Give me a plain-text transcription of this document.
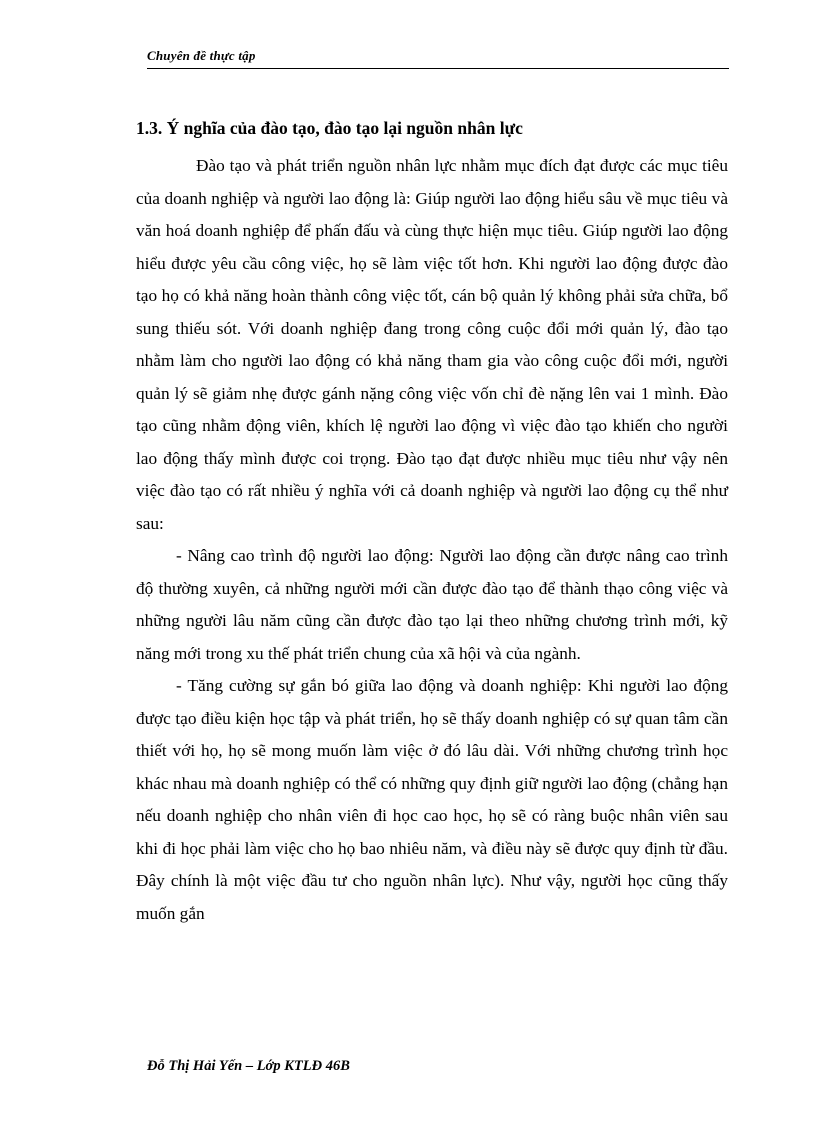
Chuyên đề thực tập
1.3. Ý nghĩa của đào tạo, đào tạo lại nguồn nhân lực

Đào tạo và phát triển nguồn nhân lực nhằm mục đích đạt được các mục tiêu của doanh nghiệp và người lao động là: Giúp người lao động hiểu sâu về mục tiêu và văn hoá doanh nghiệp để phấn đấu và cùng thực hiện mục tiêu. Giúp người lao động hiểu được yêu cầu công việc, họ sẽ làm việc tốt hơn. Khi người lao động được đào tạo họ có khả năng hoàn thành công việc tốt, cán bộ quản lý không phải sửa chữa, bổ sung thiếu sót. Với doanh nghiệp đang trong công cuộc đổi mới quản lý, đào tạo nhằm làm cho người lao động có khả năng tham gia vào công cuộc đổi mới, người quản lý sẽ giảm nhẹ được gánh nặng công việc vốn chỉ đè nặng lên vai 1 mình. Đào tạo cũng nhằm động viên, khích lệ người lao động vì việc đào tạo khiến cho người lao động thấy mình được coi trọng. Đào tạo đạt được nhiều mục tiêu như vậy nên việc đào tạo có rất nhiều ý nghĩa với cả doanh nghiệp và người lao động cụ thể như sau:

- Nâng cao trình độ người lao động: Người lao động cần được nâng cao trình độ thường xuyên, cả những người mới cần được đào tạo để thành thạo công việc và những người lâu năm cũng cần được đào tạo lại theo những chương trình mới, kỹ năng mới trong xu thế phát triển chung của xã hội và của ngành.

- Tăng cường sự gắn bó giữa lao động và doanh nghiệp: Khi người lao động được tạo điều kiện học tập và phát triển, họ sẽ thấy doanh nghiệp có sự quan tâm cần thiết với họ, họ sẽ mong muốn làm việc ở đó lâu dài. Với những chương trình học khác nhau mà doanh nghiệp có thể có những quy định giữ người lao động (chẳng hạn nếu doanh nghiệp cho nhân viên đi học cao học, họ sẽ có ràng buộc nhân viên sau khi đi học phải làm việc cho họ bao nhiêu năm, và điều này sẽ được quy định từ đầu. Đây chính là một việc đầu tư cho nguồn nhân lực). Như vậy, người học cũng thấy muốn gắn

Đỗ Thị Hải Yến – Lớp KTLĐ 46B
